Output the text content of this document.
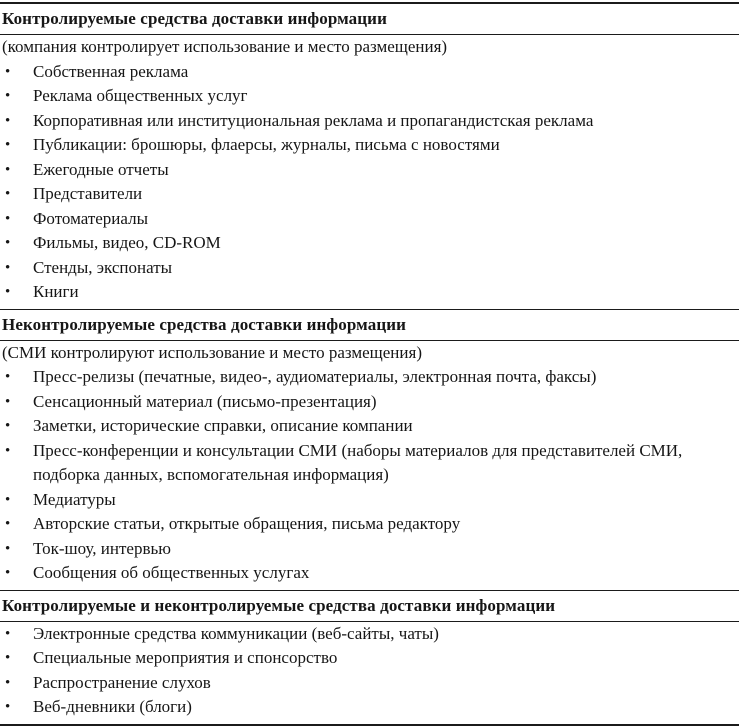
Контролируемые средства доставки информации
(компания контролирует использование и место размещения)
• Собственная реклама
• Реклама общественных услуг
• Корпоративная или институциональная реклама и пропагандистская реклама
• Публикации: брошюры, флаерсы, журналы, письма с новостями
• Ежегодные отчеты
• Представители
• Фотоматериалы
• Фильмы, видео, CD-ROM
• Стенды, экспонаты
• Книги
Неконтролируемые средства доставки информации
(СМИ контролируют использование и место размещения)
• Пресс-релизы (печатные, видео-, аудиоматериалы, электронная почта, факсы)
• Сенсационный материал (письмо-презентация)
• Заметки, исторические справки, описание компании
• Пресс-конференции и консультации СМИ (наборы материалов для представителей СМИ, подборка данных, вспомогательная информация)
• Медиатуры
• Авторские статьи, открытые обращения, письма редактору
• Ток-шоу, интервью
• Сообщения об общественных услугах
Контролируемые и неконтролируемые средства доставки информации
• Электронные средства коммуникации (веб-сайты, чаты)
• Специальные мероприятия и спонсорство
• Распространение слухов
• Веб-дневники (блоги)
